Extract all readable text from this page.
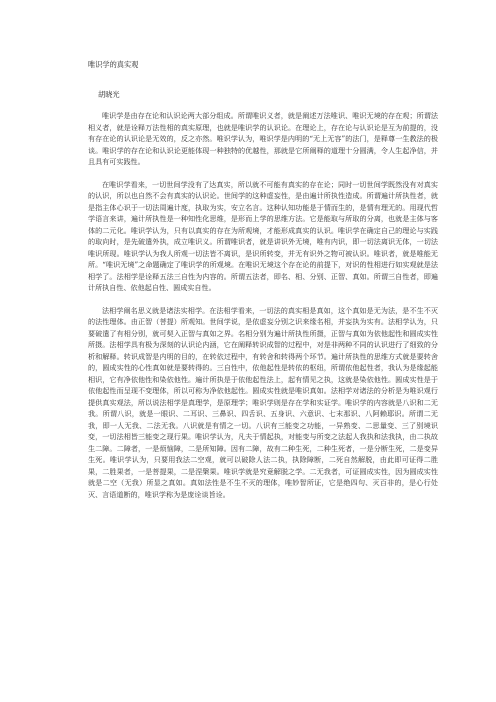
唯识学的真实观
胡晓光

唯识学是由存在论和认识论两大部分组成。所谓唯识义者，就是阐述万法唯识、唯识无境的存在观；所谓法相义者，就是诠释万法性相的真实原理，也就是唯识学的认识论。在理论上，存在论与认识论是互为前提的，没有存在论的认识论是无效的，反之亦然。唯识学认为，唯识学是内明的“无上无容”的法门，是释尊一生教法的极谈。唯识学的存在论和认识论更能体现一种独特的优越性，那就是它所阐释的道理十分圆满，令人生起净信，并且具有可实践性。

在唯识学看来，一切世间学没有了达真实，所以就不可能有真实的存在论；同时一切世间学既然没有对真实的认识，所以也自然不会有真实的认识论。世间学的这种虚妄性，是由遍计所执性造成。所谓遍计所执性者，就是指主体心识于一切法周遍计度，执取为实，安立名言。这种认知功能是于情而生的，是情有理无的。用现代哲学语言来讲，遍计所执性是一种知性化思维，是形而上学的思维方法。它是能取与所取的分离，也就是主体与客体的二元化。唯识学认为，只有以真实的存在为所观境，才能形成真实的认识。唯识学在确定自己的理论与实践的取向时，是先破遣外执，成立唯识义。所谓唯识者，就是讲识外无境，唯有内识，即一切法离识无体，一切法唯识所现。唯识学认为我人所观一切法皆不离识，是识所转变，并无有识外之物可被认识。唯识者，就是唯能无所。“唯识无境”之命题确定了唯识学的所观境。在唯识无境这个存在论的前提下，对识的性相进行如实观就是法相学了。法相学是诠释五法三自性为内容的。所谓五法者，即名、相、分别、正智、真如。所谓三自性者，即遍计所执自性、依他起自性、圆成实自性。

法相学阐名思义就是诸法实相学。在法相学看来，一切法的真实相是真如，这个真如是无为法，是不生不灭的法性理体。由正智（菩提）所观知。世间学说，是依虚妄分别之识来缘名相，并妄执为实有。法相学认为，只要破遣了有相分别，就可契入正智与真如之界。名相分别为遍计所执性所摄，正智与真如为依他起性和圆成实性所摄。法相学具有极为深刻的认识论内涵，它在阐释转识成智的过程中，对是非两种不同的认识进行了细致的分析和解释。转识成智是内明的目的，在转依过程中，有转舍和转得两个环节。遍计所执性的思维方式就是要转舍的，圆成实性的心性真如就是要转得的。三自性中，依他起性是转依的枢纽，所谓依他起性者，我认为是缘起能相识，它有净依他性和染依他性。遍计所执是于依他起性法上，起有情见之执，这就是染依他性。圆成实性是于依他起性而呈现不变理体，所以可称为净依他起性。圆成实性就是唯识真如。法相学对诸法的分析是为唯识观行提供真实观法，所以说法相学是真理学，是原理学；唯识学则是存在学和实证学。唯识学的内容就是八识和二无我。所谓八识，就是一眼识、二耳识、三鼻识、四舌识、五身识、六意识、七末那识、八阿赖耶识。所谓二无我，即一人无我、二法无我。八识就是有情之一切。八识有三能变之功能，一异熟变、二思量变、三了别境识变，一切法相皆三能变之现行果。唯识学认为，凡夫于情起执，对能变与所变之法起人我执和法我执，由二执故生二障。二障者，一是烦恼障，二是所知障。因有二障，故有二种生死，二种生死者，一是分断生死，二是变异生死。唯识学认为，只要用我法二空观，就可以破除人法二执，执除障断，二死自然解脱，由此即可证得二胜果，二胜果者，一是菩提果，二是涅槃果。唯识学就是究竟解脱之学。二无我者，可证圆成实性，因为圆成实性就是二空（无我）所显之真如。真如法性是不生不灭的理体，唯妙智所证，它是绝四句、灭百非的，是心行处灭、言语道断的，唯识学称为是庞诠谈旨诠。
